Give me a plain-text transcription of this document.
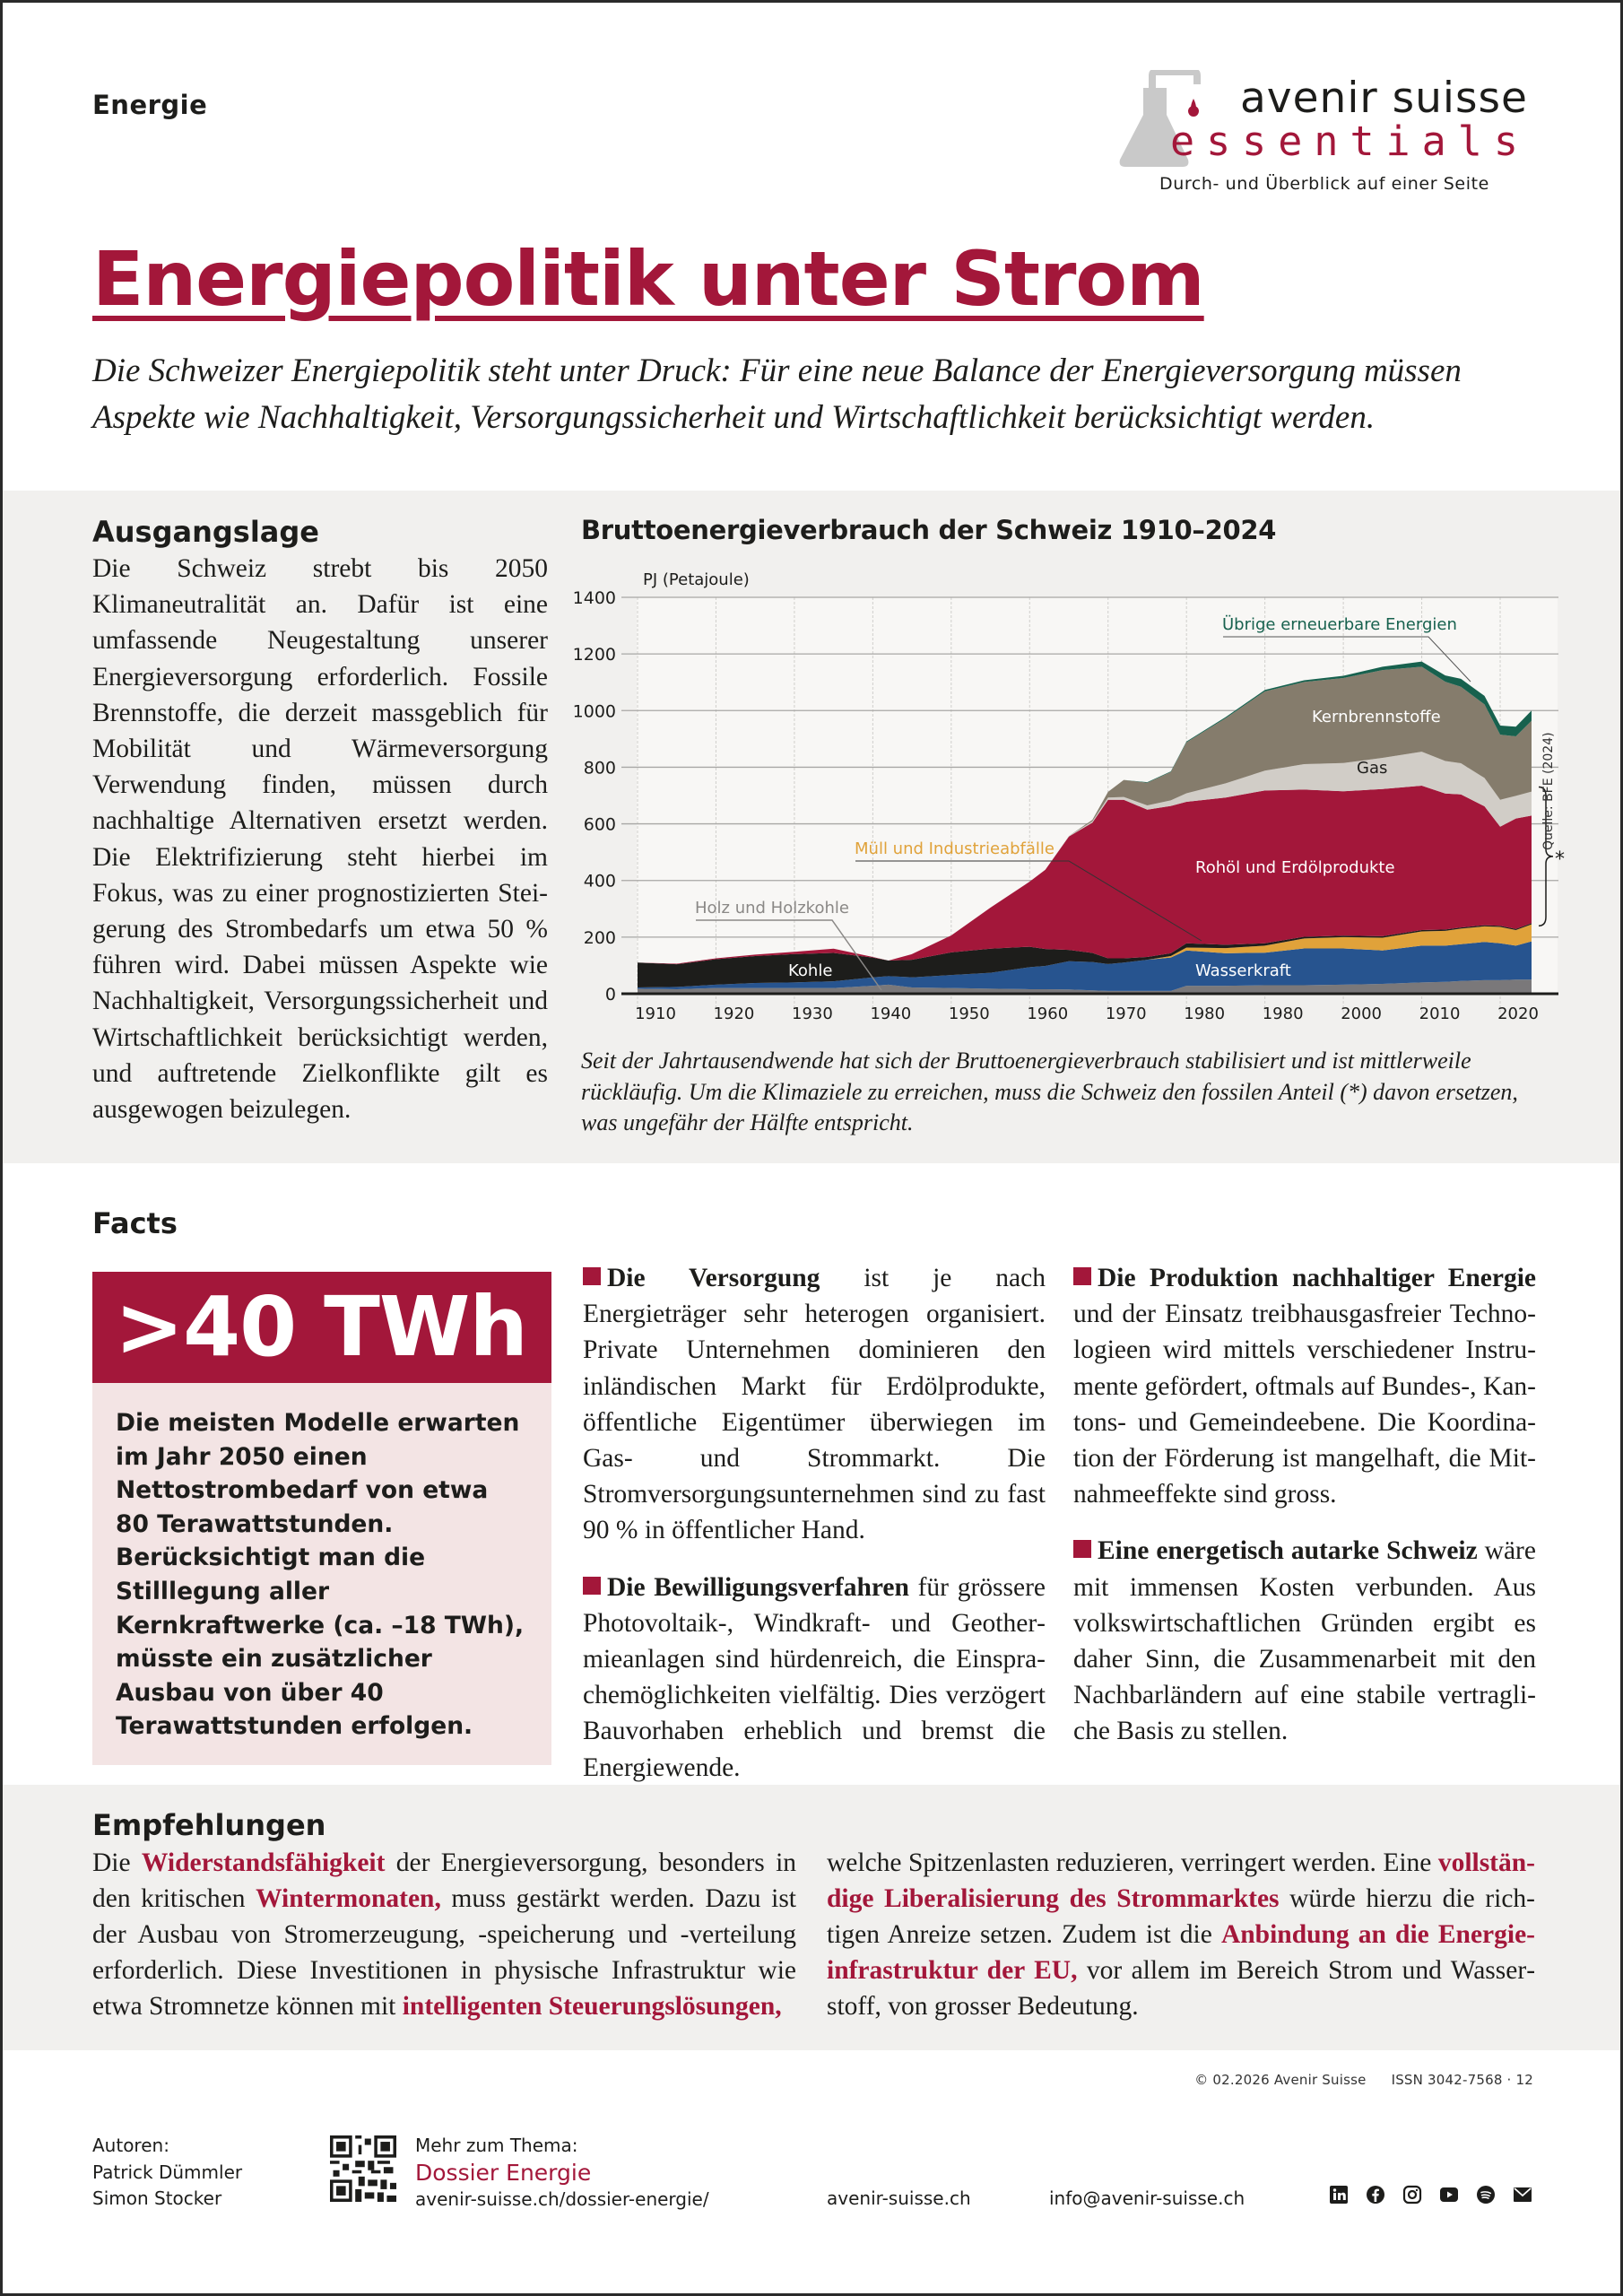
Energie	avenir suisse
essentials
Durch- und Überblick auf einer Seite
Energiepolitik unter Strom

Die Schweizer Energiepolitik steht unter Druck: Für eine neue Balance der Energieversorgung müssen Aspekte wie Nachhaltigkeit, Versorgungssicherheit und Wirtschaftlichkeit berücksichtigt werden.

Ausgangslage

Die Schweiz strebt bis 2050 Klimaneutralität an. Dafür ist eine umfassende Neugestaltung unserer Energieversorgung erforderlich. Fossile Brennstoffe, die derzeit massgeblich für Mobilität und Wärmeversorgung Verwendung finden, müssen durch nachhaltige Alternativen ersetzt werden. Die Elektrifizierung steht hierbei im Fokus, was zu einer prognostizierten Steigerung des Strombedarfs um etwa 50 % führen wird. Dabei müssen Aspekte wie Nachhaltigkeit, Versorgungssicherheit und Wirtschaftlichkeit berücksichtigt werden, und auftretende Zielkonflikte gilt es ausgewogen beizulegen.

Bruttoenergieverbrauch der Schweiz 1910–2024
0
200
400
600
800
1000
1200
1400
PJ (Petajoule)
1910 1920 1930 1940 1950 1960 1970 1980 1980 2000 2010 2020
Kohle	Wasserkraft
Rohöl und Erdölprodukte
Gas
Kernbrennstoffe
Holz und Holzkohle
Müll und Industrieabfälle
Übrige erneuerbare Energien
*
Quelle: BFE (2024)

Seit der Jahrtausendwende hat sich der Bruttoenergieverbrauch stabilisiert und ist mittlerweile rückläufig. Um die Klimaziele zu erreichen, muss die Schweiz den fossilen Anteil (*) davon ersetzen, was ungefähr der Hälfte entspricht.

Facts
>40 TWh
Die meisten Modelle erwarten im Jahr 2050 einen Nettostrombedarf von etwa 80 Terawattstunden. Berücksichtigt man die Stilllegung aller Kernkraftwerke (ca. –18 TWh), müsste ein zusätzlicher Ausbau von über 40 Terawattstunden erfolgen.

Die Versorgung ist je nach Energieträger sehr heterogen organisiert. Private Unternehmen dominieren den inländischen Markt für Erdölprodukte, öffentliche Eigentümer überwiegen im Gas- und Strommarkt. Die Stromversorgungsunternehmen sind zu fast 90 % in öffentlicher Hand.

Die Bewilligungsverfahren für grössere Photovoltaik-, Windkraft- und Geothermieanlagen sind hürdenreich, die Einsprachemöglichkeiten vielfältig. Dies verzögert Bauvorhaben erheblich und bremst die Energiewende.

Die Produktion nachhaltiger Energie und der Einsatz treibhausgasfreier Technologieen wird mittels verschiedener Instrumente gefördert, oftmals auf Bundes-, Kantons- und Gemeindeebene. Die Koordination der Förderung ist mangelhaft, die Mitnahmeeffekte sind gross.

Eine energetisch autarke Schweiz wäre mit immensen Kosten verbunden. Aus volkswirtschaftlichen Gründen ergibt es daher Sinn, die Zusammenarbeit mit den Nachbarländern auf eine stabile vertragliche Basis zu stellen.

Empfehlungen

Die Widerstandsfähigkeit der Energieversorgung, besonders in den kritischen Wintermonaten, muss gestärkt werden. Dazu ist der Ausbau von Stromerzeugung, -speicherung und -verteilung erforderlich. Diese Investitionen in physische Infrastruktur wie etwa Stromnetze können mit intelligenten Steuerungslösungen,

welche Spitzenlasten reduzieren, verringert werden. Eine vollständige Liberalisierung des Strommarktes würde hierzu die richtigen Anreize setzen. Zudem ist die Anbindung an die Energieinfrastruktur der EU, vor allem im Bereich Strom und Wasserstoff, von grosser Bedeutung.

© 02.2026 Avenir Suisse ISSN 3042-7568 · 12
Autoren:
Patrick Dümmler
Simon Stocker
Mehr zum Thema:
Dossier Energie
avenir-suisse.ch/dossier-energie/	avenir-suisse.ch	info@avenir-suisse.ch
